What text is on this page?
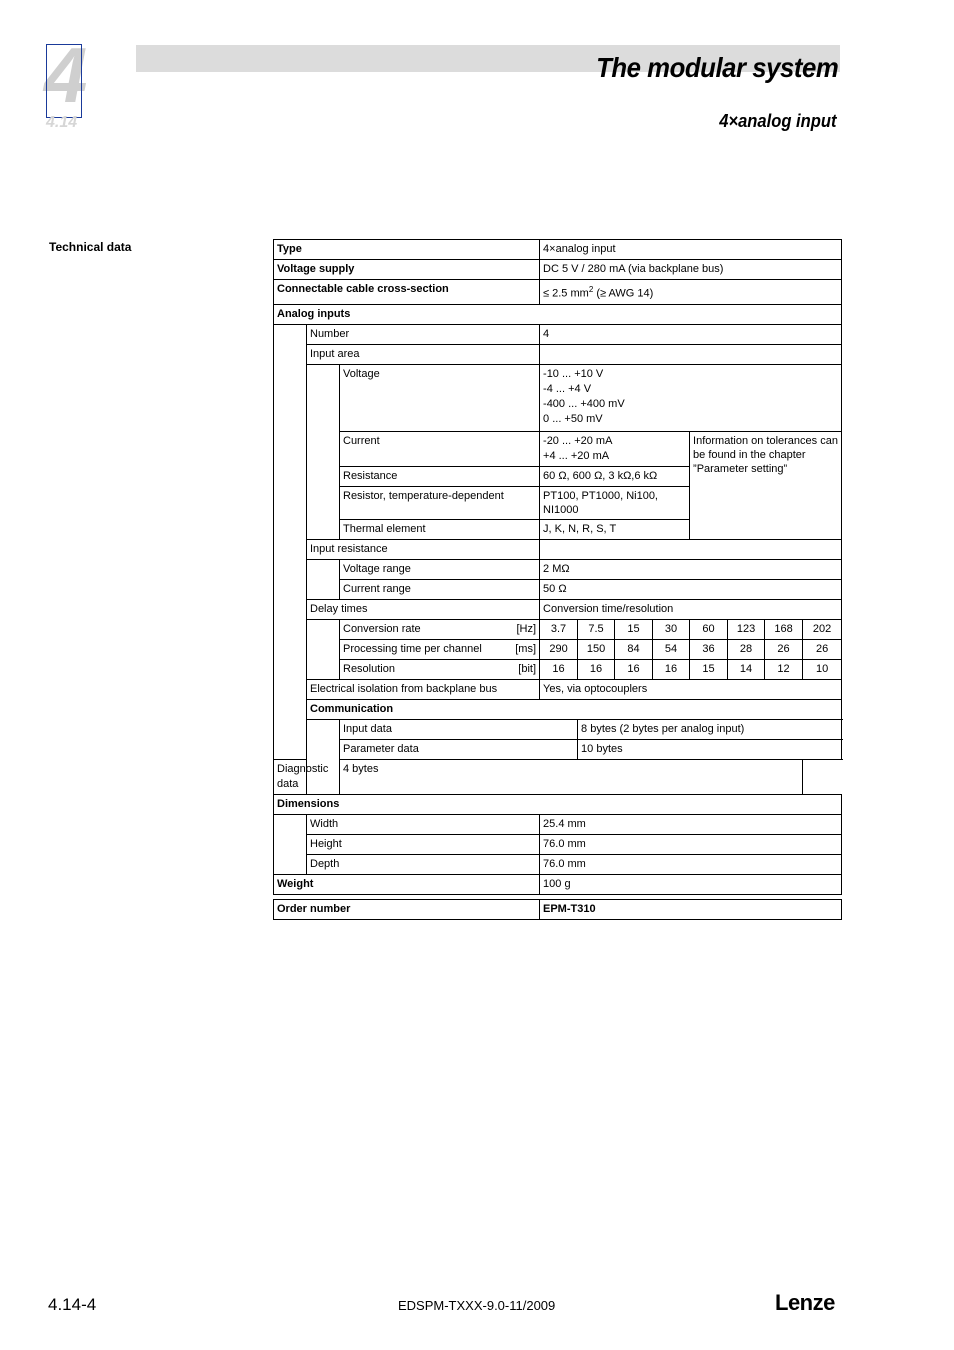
4
4.14
The modular system
4×analog input
Technical data	Type			4×analog input							
Voltage supply			DC 5 V / 280 mA (via backplane bus)							
Connectable cable cross-section			≤ 2.5 $mm^2$ (≥ AWG 14)							
Analog inputs										
	Number		4							
	Input area									
		Voltage	-10 ... +10 V
-4 ... +4 V
-400 ... +400 mV
0 ... +50 mV							

		Current	-20 ... +20 mA
+4 ... +20 mA				Information on tolerances can be found in the chapter ”Parameter setting”			
		Resistance	60 Ω, 600 Ω, 3 kΩ,6 kΩ							
		Resistor, temperature-dependent	PT100, PT1000, Ni100, NI1000							
		Thermal element	J, K, N, R, S, T							
	Input resistance									
		Voltage range	2 MΩ							
		Current range	50 Ω							
	Delay times		Conversion time/resolution							
		Conversion rate [Hz]	3.7	7.5	15	30	60	123	168	202
		Processing time per channel [ms]	290	150	84	54	36	28	26	26
		Resolution [bit]	16	16	16	16	15	14	12	10
	Electrical isolation from backplane bus		Yes, via optocouplers							
	Communication									
		Input data		8 bytes (2 bytes per analog input)						
		Parameter data		10 bytes						
Diagnostic data		4 bytes								
Dimensions										
	Width		25.4 mm							
	Height		76.0 mm							
	Depth		76.0 mm							
Weight			100 g							
Order number	EPM-T310
4.14-4	EDSPM-TXXX-9.0-11/2009	Lenze
